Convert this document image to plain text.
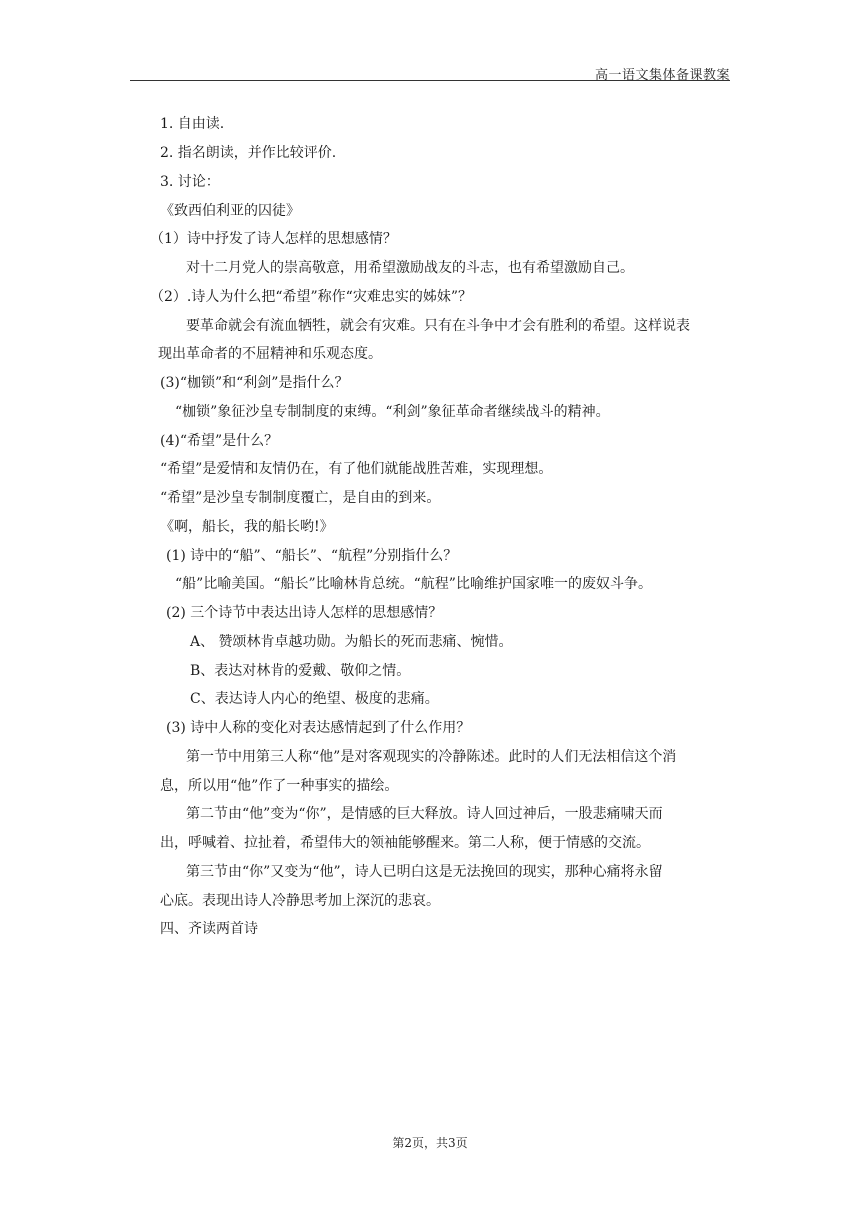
高一语文集体备课教案
1. 自由读.
2. 指名朗读，并作比较评价.
3. 讨论：
《致西伯利亚的囚徒》
（1）诗中抒发了诗人怎样的思想感情？
对十二月党人的崇高敬意，用希望激励战友的斗志，也有希望激励自己。
（2）.诗人为什么把“希望”称作“灾难忠实的姊妹”？
要革命就会有流血牺牲，就会有灾难。只有在斗争中才会有胜利的希望。这样说表
现出革命者的不屈精神和乐观态度。
(3)“枷锁”和“利剑”是指什么？
“枷锁”象征沙皇专制制度的束缚。“利剑”象征革命者继续战斗的精神。
(4)“希望”是什么？
“希望”是爱情和友情仍在，有了他们就能战胜苦难，实现理想。
“希望”是沙皇专制制度覆亡，是自由的到来。
《啊，船长，我的船长哟!》
(1) 诗中的“船”、“船长”、“航程”分别指什么？
“船”比喻美国。“船长”比喻林肯总统。“航程”比喻维护国家唯一的废奴斗争。
(2) 三个诗节中表达出诗人怎样的思想感情？
A、 赞颂林肯卓越功勋。为船长的死而悲痛、惋惜。
B、表达对林肯的爱戴、敬仰之情。
C、表达诗人内心的绝望、极度的悲痛。
(3) 诗中人称的变化对表达感情起到了什么作用？
第一节中用第三人称“他”是对客观现实的冷静陈述。此时的人们无法相信这个消
息，所以用“他”作了一种事实的描绘。
第二节由“他”变为“你”，是情感的巨大释放。诗人回过神后，一股悲痛啸天而
出，呼喊着、拉扯着，希望伟大的领袖能够醒来。第二人称，便于情感的交流。
第三节由“你”又变为“他”，诗人已明白这是无法挽回的现实，那种心痛将永留
心底。表现出诗人冷静思考加上深沉的悲哀。
四、齐读两首诗
第2页，共3页
